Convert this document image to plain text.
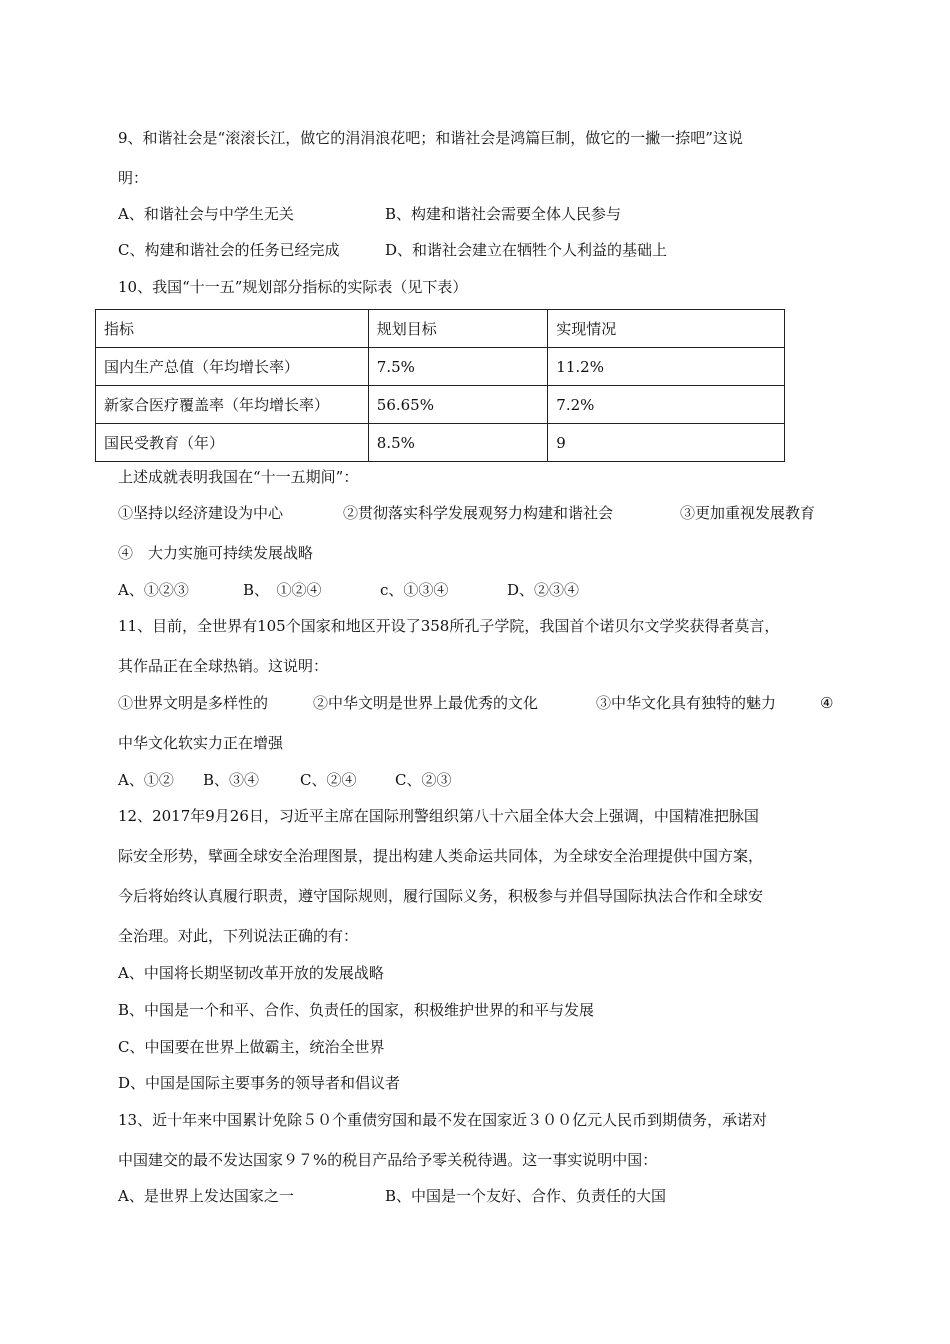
9、和谐社会是“滚滚长江，做它的涓涓浪花吧；和谐社会是鸿篇巨制，做它的一撇一捺吧”这说
明：
A、和谐社会与中学生无关	B、构建和谐社会需要全体人民参与
C、构建和谐社会的任务已经完成	D、和谐社会建立在牺牲个人利益的基础上
10、我国“十一五”规划部分指标的实际表（见下表）
指标	规划目标	实现情况
国内生产总值（年均增长率）	7.5%	11.2%
新家合医疗覆盖率（年均增长率）	56.65%	7.2%
国民受教育（年）	8.5%	9
上述成就表明我国在“十一五期间”：
①坚持以经济建设为中心	②贯彻落实科学发展观努力构建和谐社会	③更加重视发展教育
④　大力实施可持续发展战略
A、①②③	B、　①②④	c、①③④	D、②③④
11、目前，全世界有105个国家和地区开设了358所孔子学院，我国首个诺贝尔文学奖获得者莫言，
其作品正在全球热销。这说明：
①世界文明是多样性的	②中华文明是世界上最优秀的文化	③中华文化具有独特的魅力	④
中华文化软实力正在增强
A、①② B、③④	C、②④	C、②③
12、2017年9月26日，习近平主席在国际刑警组织第八十六届全体大会上强调，中国精准把脉国
际安全形势，擘画全球安全治理图景，提出构建人类命运共同体，为全球安全治理提供中国方案，
今后将始终认真履行职责，遵守国际规则，履行国际义务，积极参与并倡导国际执法合作和全球安
全治理。对此，下列说法正确的有：
A、中国将长期坚韧改革开放的发展战略
B、中国是一个和平、合作、负责任的国家，积极维护世界的和平与发展
C、中国要在世界上做霸主，统治全世界
D、中国是国际主要事务的领导者和倡议者
13、近十年来中国累计免除５０个重债穷国和最不发在国家近３００亿元人民币到期债务，承诺对
中国建交的最不发达国家９７%的税目产品给予零关税待遇。这一事实说明中国：
A、是世界上发达国家之一	B、中国是一个友好、合作、负责任的大国
